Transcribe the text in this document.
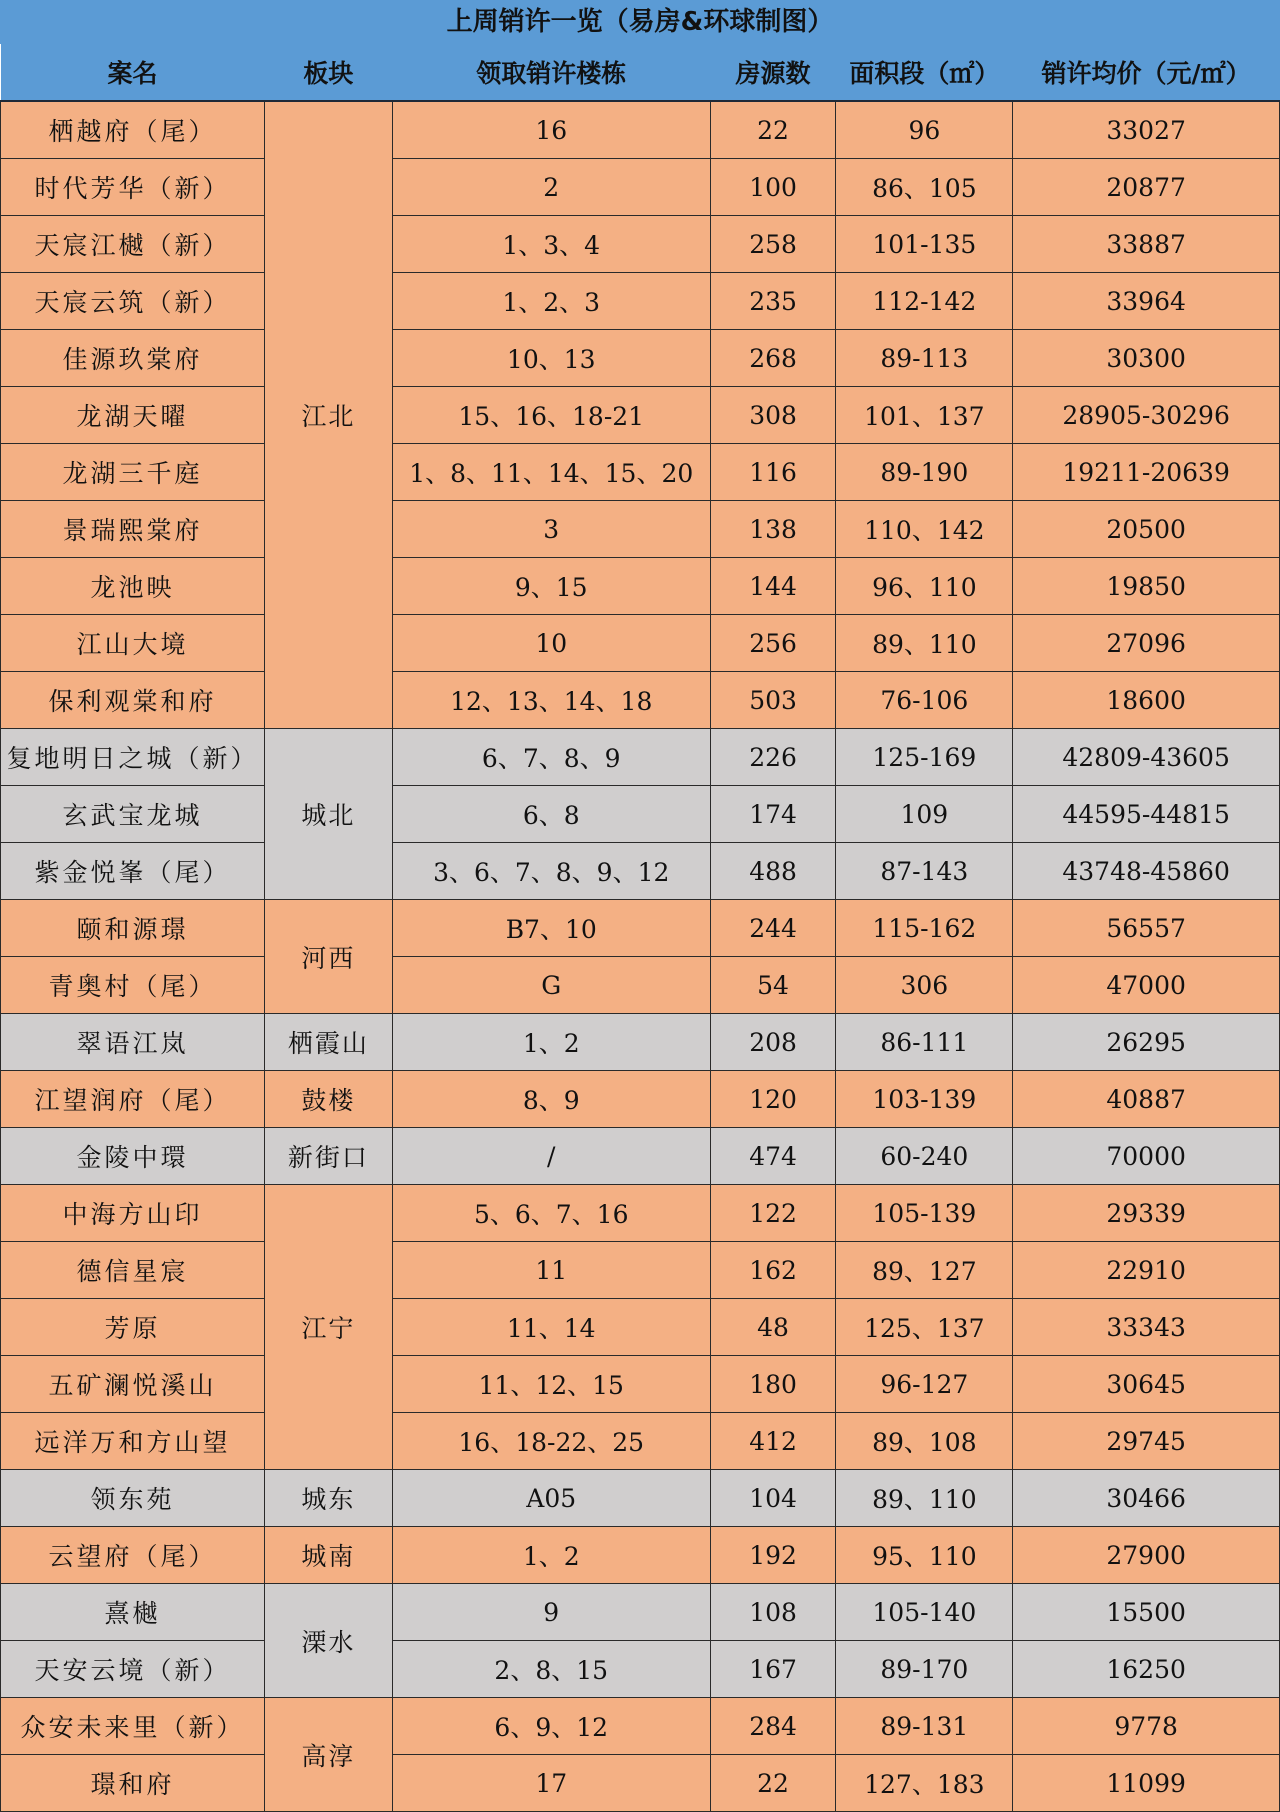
上周销许一览（易房&环球制图）
案名	板块	领取销许楼栋	房源数	面积段（㎡）	销许均价（元/㎡）
栖越府（尾）	江北	16	22	96	33027
时代芳华（新）		2	100	86、105	20877
天宸江樾（新）		1、3、4	258	101-135	33887
天宸云筑（新）		1、2、3	235	112-142	33964
佳源玖棠府		10、13	268	89-113	30300
龙湖天曜		15、16、18-21	308	101、137	28905-30296
龙湖三千庭		1、8、11、14、15、20	116	89-190	19211-20639
景瑞熙棠府		3	138	110、142	20500
龙池映		9、15	144	96、110	19850
江山大境		10	256	89、110	27096
保利观棠和府		12、13、14、18	503	76-106	18600
复地明日之城（新）	城北	6、7、8、9	226	125-169	42809-43605
玄武宝龙城		6、8	174	109	44595-44815
紫金悦峯（尾）		3、6、7、8、9、12	488	87-143	43748-45860
颐和源璟	河西	B7、10	244	115-162	56557
青奥村（尾）		G	54	306	47000
翠语江岚	栖霞山	1、2	208	86-111	26295
江望润府（尾）	鼓楼	8、9	120	103-139	40887
金陵中環	新街口	/	474	60-240	70000
中海方山印	江宁	5、6、7、16	122	105-139	29339
德信星宸		11	162	89、127	22910
芳原		11、14	48	125、137	33343
五矿澜悦溪山		11、12、15	180	96-127	30645
远洋万和方山望		16、18-22、25	412	89、108	29745
领东苑	城东	A05	104	89、110	30466
云望府（尾）	城南	1、2	192	95、110	27900
熹樾	溧水	9	108	105-140	15500
天安云境（新）		2、8、15	167	89-170	16250
众安未来里（新）	高淳	6、9、12	284	89-131	9778
璟和府		17	22	127、183	11099
